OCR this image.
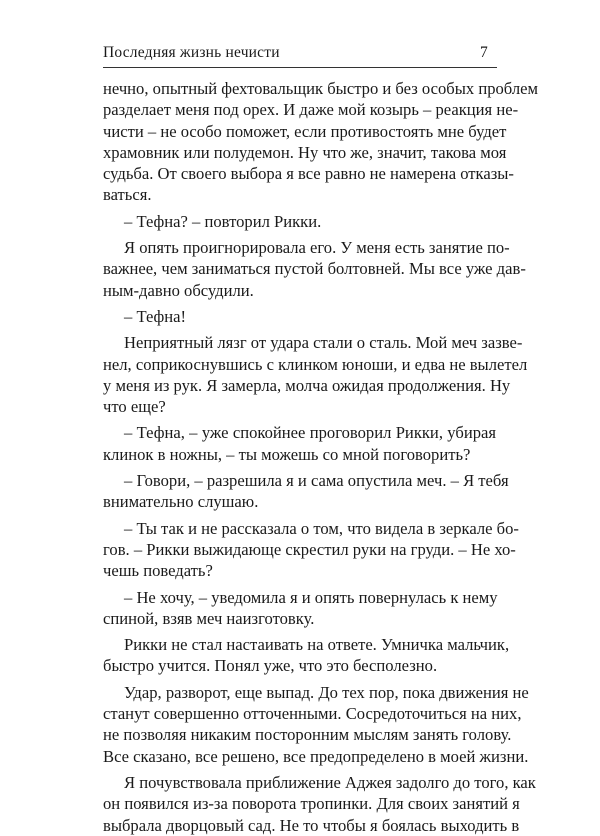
Последняя жизнь нечисти	7
нечно, опытный фехтовальщик быстро и без особых проблем
разделает меня под орех. И даже мой козырь – реакция не-
чисти – не особо поможет, если противостоять мне будет
храмовник или полудемон. Ну что же, значит, такова моя
судьба. От своего выбора я все равно не намерена отказы-
ваться.
– Тефна? – повторил Рикки.
Я опять проигнорировала его. У меня есть занятие по-
важнее, чем заниматься пустой болтовней. Мы все уже дав-
ным-давно обсудили.
– Тефна!
Неприятный лязг от удара стали о сталь. Мой меч зазве-
нел, соприкоснувшись с клинком юноши, и едва не вылетел
у меня из рук. Я замерла, молча ожидая продолжения. Ну
что еще?
– Тефна, – уже спокойнее проговорил Рикки, убирая
клинок в ножны, – ты можешь со мной поговорить?
– Говори, – разрешила я и сама опустила меч. – Я тебя
внимательно слушаю.
– Ты так и не рассказала о том, что видела в зеркале бо-
гов. – Рикки выжидающе скрестил руки на груди. – Не хо-
чешь поведать?
– Не хочу, – уведомила я и опять повернулась к нему
спиной, взяв меч наизготовку.
Рикки не стал настаивать на ответе. Умничка мальчик,
быстро учится. Понял уже, что это бесполезно.
Удар, разворот, еще выпад. До тех пор, пока движения не
станут совершенно отточенными. Сосредоточиться на них,
не позволяя никаким посторонним мыслям занять голову.
Все сказано, все решено, все предопределено в моей жизни.
Я почувствовала приближение Аджея задолго до того, как
он появился из-за поворота тропинки. Для своих занятий я
выбрала дворцовый сад. Не то чтобы я боялась выходить в
